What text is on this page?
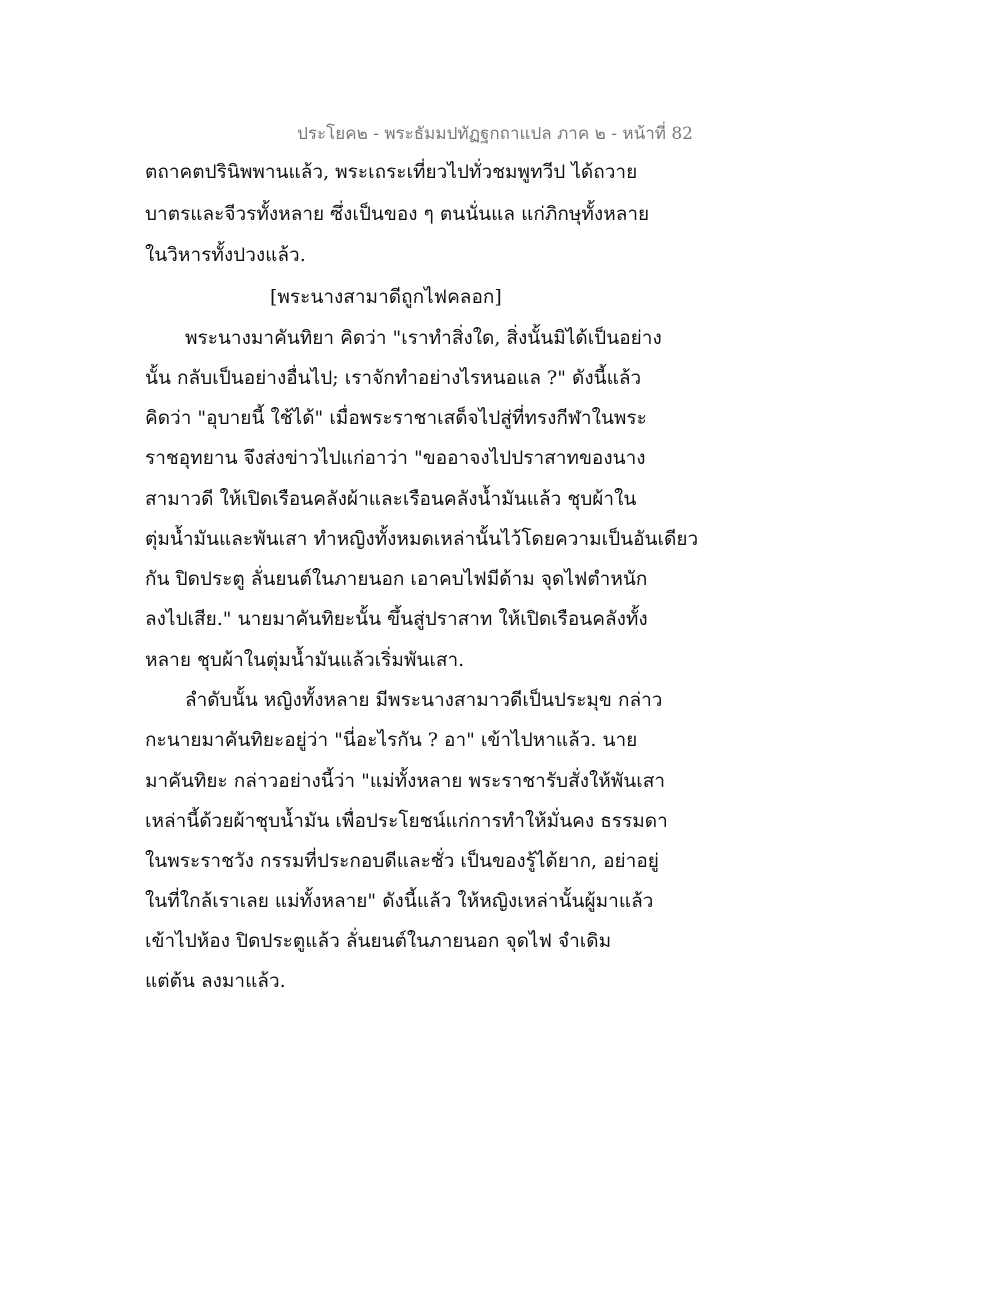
ประโยค๒ - พระธัมมปทัฏฐกถาแปล ภาค ๒ - หน้าที่ 82
ตถาคตปรินิพพานแล้ว, พระเถระเที่ยวไปทั่วชมพูทวีป ได้ถวาย
บาตรและจีวรทั้งหลาย ซึ่งเป็นของ ๆ ตนนั่นแล แก่ภิกษุทั้งหลาย
ในวิหารทั้งปวงแล้ว.
[พระนางสามาดีถูกไฟคลอก]
พระนางมาคันทิยา คิดว่า "เราทำสิ่งใด, สิ่งนั้นมิได้เป็นอย่าง
นั้น กลับเป็นอย่างอื่นไป; เราจักทำอย่างไรหนอแล ?" ดังนี้แล้ว
คิดว่า "อุบายนี้ ใช้ได้" เมื่อพระราชาเสด็จไปสู่ที่ทรงกีฬาในพระ
ราชอุทยาน จึงส่งข่าวไปแก่อาว่า "ขออาจงไปปราสาทของนาง
สามาวดี ให้เปิดเรือนคลังผ้าและเรือนคลังน้ำมันแล้ว ชุบผ้าใน
ตุ่มน้ำมันและพันเสา ทำหญิงทั้งหมดเหล่านั้นไว้โดยความเป็นอันเดียว
กัน ปิดประตู ลั่นยนต์ในภายนอก เอาคบไฟมีด้าม จุดไฟตำหนัก
ลงไปเสีย." นายมาคันทิยะนั้น ขึ้นสู่ปราสาท ให้เปิดเรือนคลังทั้ง
หลาย ชุบผ้าในตุ่มน้ำมันแล้วเริ่มพันเสา.
ลำดับนั้น หญิงทั้งหลาย มีพระนางสามาวดีเป็นประมุข กล่าว
กะนายมาคันทิยะอยู่ว่า "นี่อะไรกัน ? อา" เข้าไปหาแล้ว. นาย
มาคันทิยะ กล่าวอย่างนี้ว่า "แม่ทั้งหลาย พระราชารับสั่งให้พันเสา
เหล่านี้ด้วยผ้าชุบน้ำมัน เพื่อประโยชน์แก่การทำให้มั่นคง ธรรมดา
ในพระราชวัง กรรมที่ประกอบดีและชั่ว เป็นของรู้ได้ยาก, อย่าอยู่
ในที่ใกล้เราเลย แม่ทั้งหลาย" ดังนี้แล้ว ให้หญิงเหล่านั้นผู้มาแล้ว
เข้าไปห้อง ปิดประตูแล้ว ลั่นยนต์ในภายนอก จุดไฟ จำเดิม
แต่ต้น ลงมาแล้ว.
